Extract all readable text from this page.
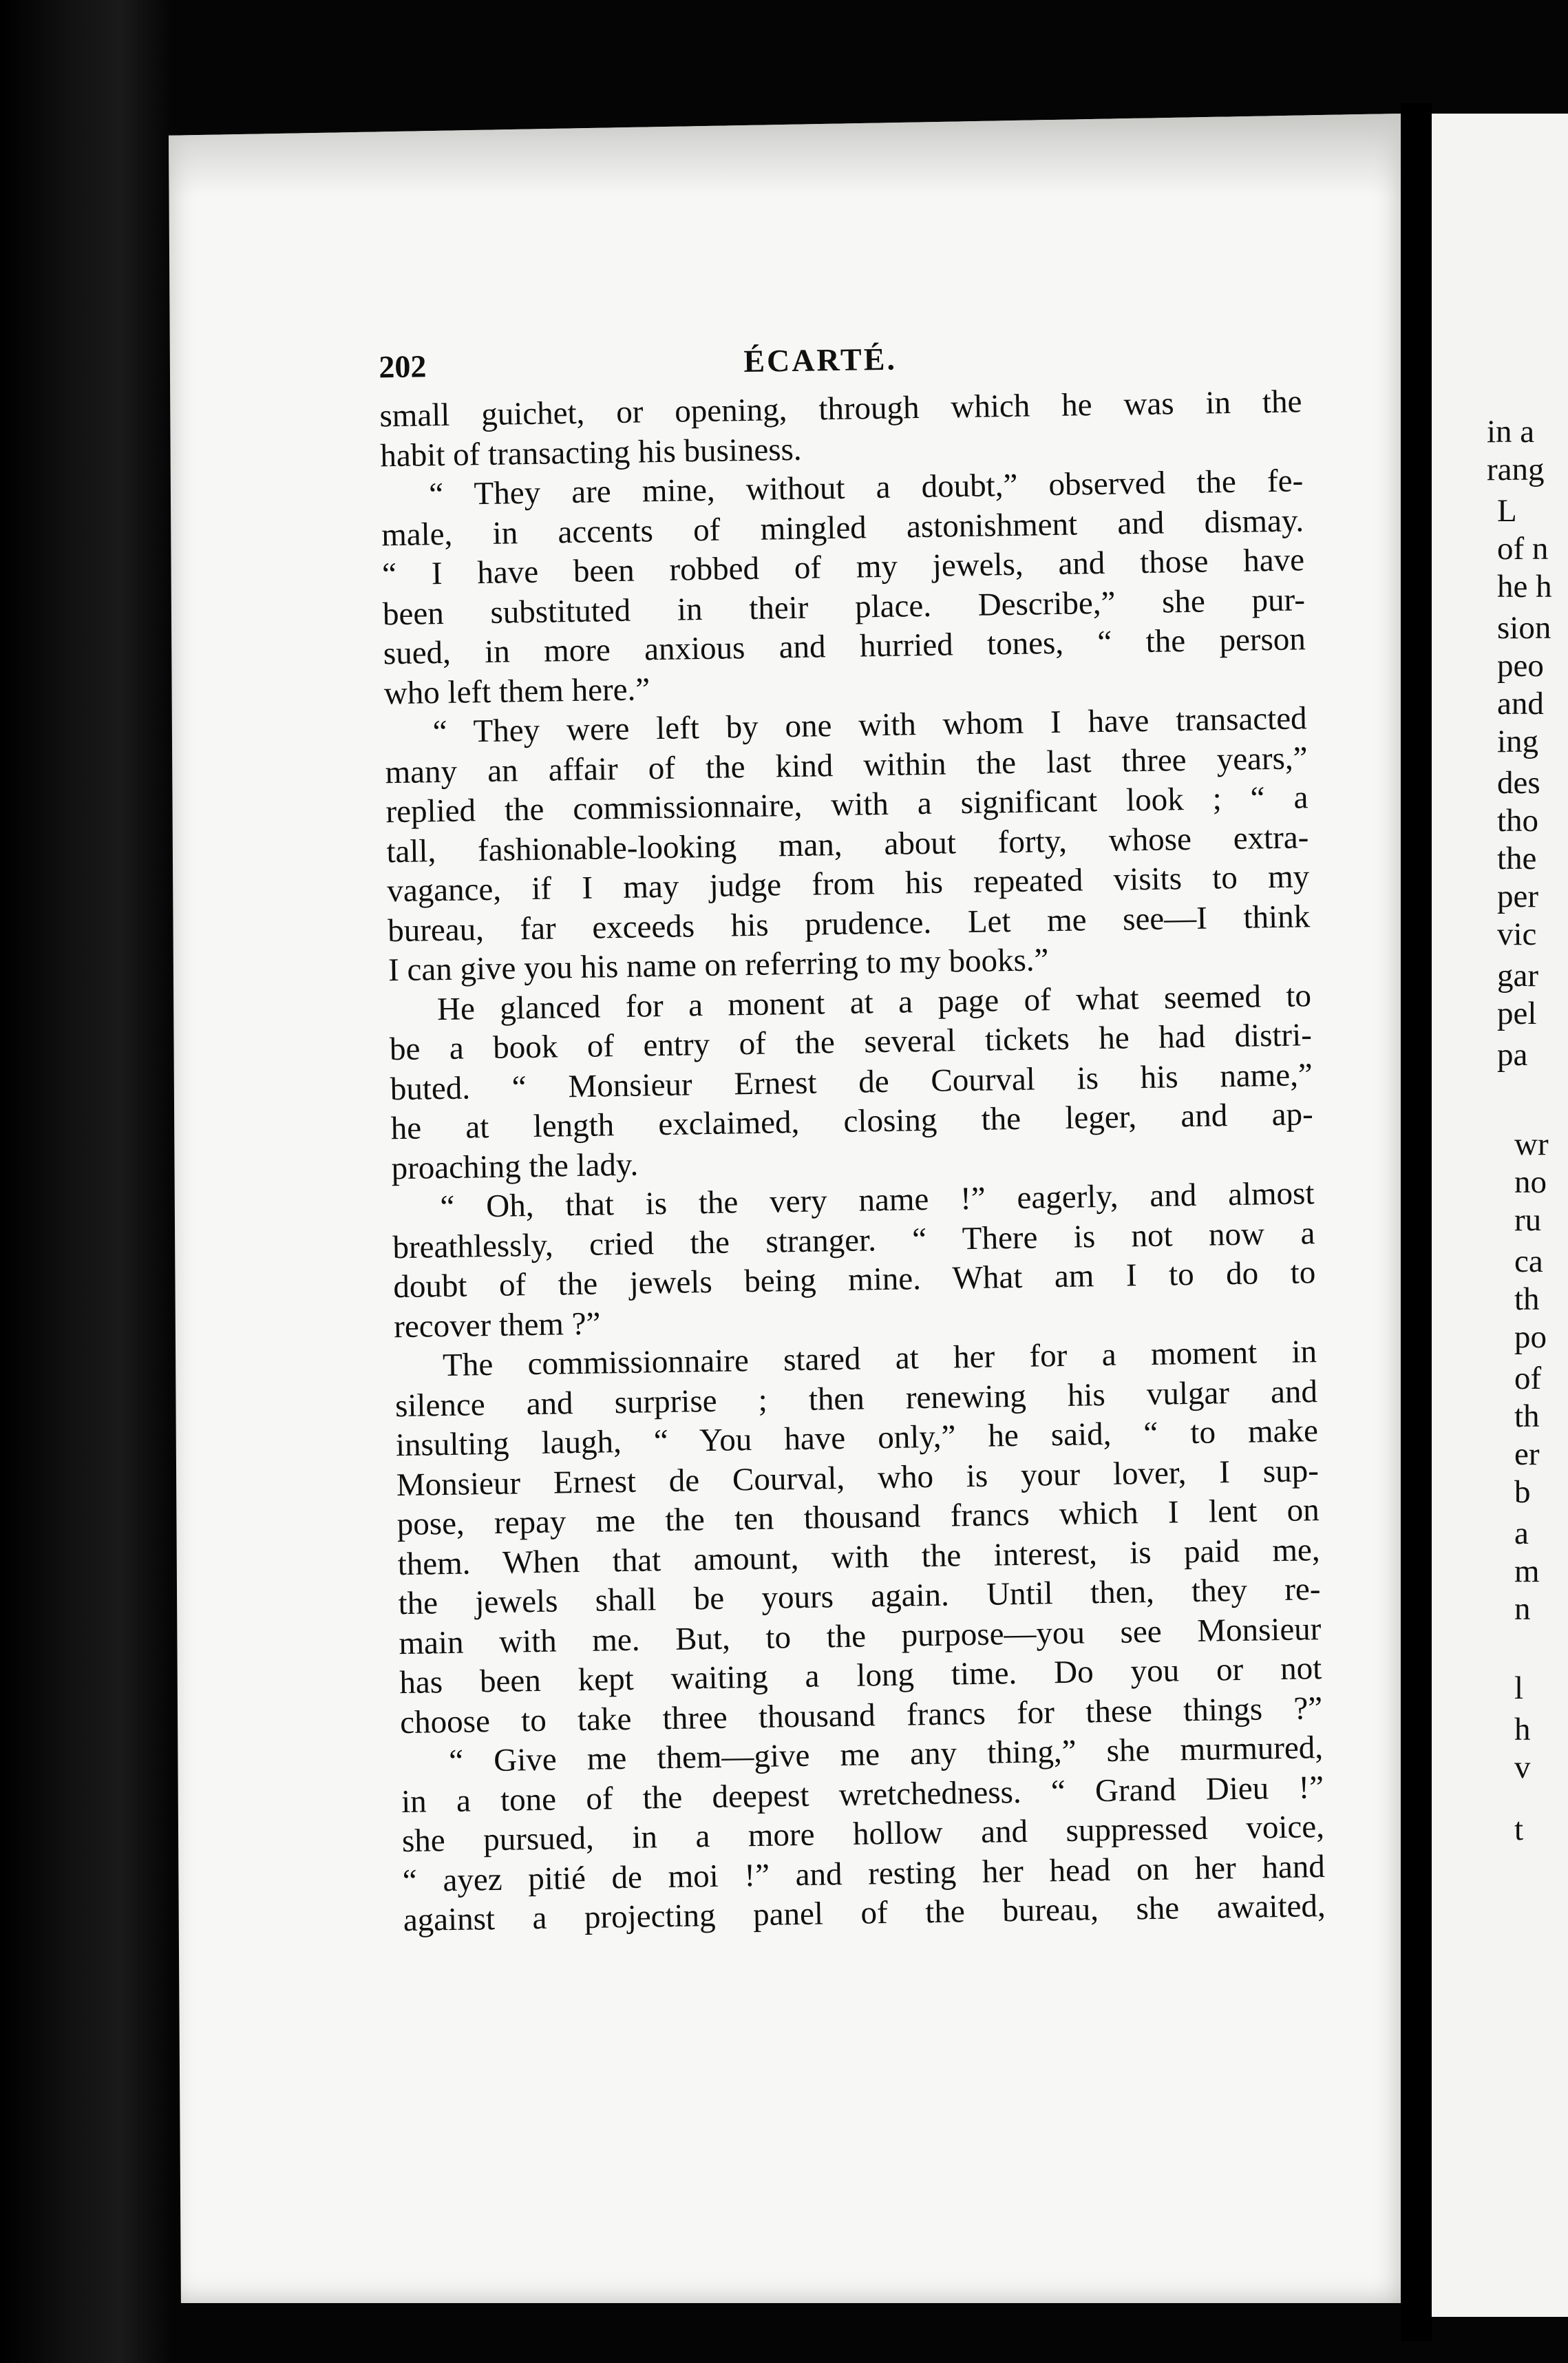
202	ÉCARTÉ.
small guichet, or opening, through which he was in the
habit of transacting his business.
“ They are mine, without a doubt,” observed the fe-
male, in accents of mingled astonishment and dismay.
“ I have been robbed of my jewels, and those have
been substituted in their place. Describe,” she pur-
sued, in more anxious and hurried tones, “ the person
who left them here.”
“ They were left by one with whom I have transacted
many an affair of the kind within the last three years,”
replied the commissionnaire, with a significant look ; “ a
tall, fashionable-looking man, about forty, whose extra-
vagance, if I may judge from his repeated visits to my
bureau, far exceeds his prudence. Let me see—I think
I can give you his name on referring to my books.”
He glanced for a monent at a page of what seemed to
be a book of entry of the several tickets he had distri-
buted. “ Monsieur Ernest de Courval is his name,”
he at length exclaimed, closing the leger, and ap-
proaching the lady.
“ Oh, that is the very name !” eagerly, and almost
breathlessly, cried the stranger. “ There is not now a
doubt of the jewels being mine. What am I to do to
recover them ?”
The commissionnaire stared at her for a moment in
silence and surprise ; then renewing his vulgar and
insulting laugh, “ You have only,” he said, “ to make
Monsieur Ernest de Courval, who is your lover, I sup-
pose, repay me the ten thousand francs which I lent on
them. When that amount, with the interest, is paid me,
the jewels shall be yours again. Until then, they re-
main with me. But, to the purpose—you see Monsieur
has been kept waiting a long time. Do you or not
choose to take three thousand francs for these things ?”
“ Give me them—give me any thing,” she murmured,
in a tone of the deepest wretchedness. “ Grand Dieu !”
she pursued, in a more hollow and suppressed voice,
“ ayez pitié de moi !” and resting her head on her hand
against a projecting panel of the bureau, she awaited,
in a
rang
L
of n
he h
sion
peo
and
ing
des
tho
the
per
vic
gar
pel
pa
wr
no
ru
ca
th
po
of
th
er
b
a
m
n
l
h
v
t
